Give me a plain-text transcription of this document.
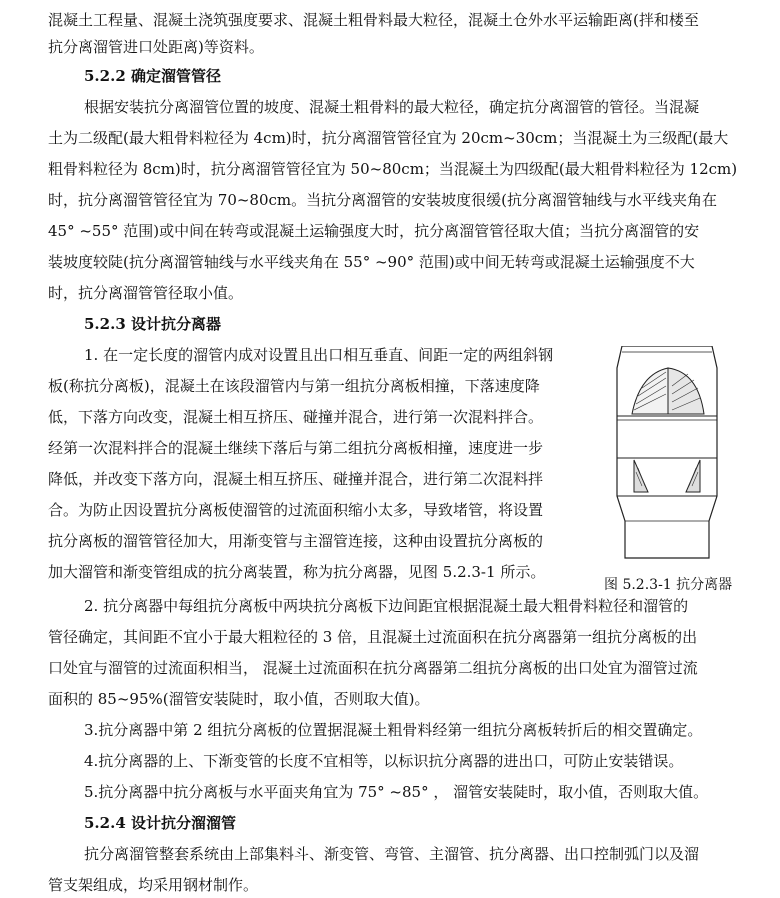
混凝土工程量、混凝土浇筑强度要求、混凝土粗骨料最大粒径，混凝土仓外水平运输距离(拌和楼至
抗分离溜管进口处距离)等资料。
5.2.2 确定溜管管径
根据安装抗分离溜管位置的坡度、混凝土粗骨料的最大粒径，确定抗分离溜管的管径。当混凝
土为二级配(最大粗骨料粒径为 4cm)时，抗分离溜管管径宜为 20cm~30cm；当混凝土为三级配(最大
粗骨料粒径为 8cm)时，抗分离溜管管径宜为 50~80cm；当混凝土为四级配(最大粗骨料粒径为 12cm)
时，抗分离溜管管径宜为 70~80cm。当抗分离溜管的安装坡度很缓(抗分离溜管轴线与水平线夹角在
45° ~55° 范围)或中间在转弯或混凝土运输强度大时，抗分离溜管管径取大值；当抗分离溜管的安
装坡度较陡(抗分离溜管轴线与水平线夹角在 55° ~90° 范围)或中间无转弯或混凝土运输强度不大
时，抗分离溜管管径取小值。
5.2.3 设计抗分离器
1. 在一定长度的溜管内成对设置且出口相互垂直、间距一定的两组斜钢
板(称抗分离板)，混凝土在该段溜管内与第一组抗分离板相撞，下落速度降
低，下落方向改变，混凝土相互挤压、碰撞并混合，进行第一次混料拌合。
经第一次混料拌合的混凝土继续下落后与第二组抗分离板相撞，速度进一步
降低，并改变下落方向，混凝土相互挤压、碰撞并混合，进行第二次混料拌
合。为防止因设置抗分离板使溜管的过流面积缩小太多，导致堵管，将设置
抗分离板的溜管管径加大，用渐变管与主溜管连接，这种由设置抗分离板的
加大溜管和渐变管组成的抗分离装置，称为抗分离器，见图 5.2.3-1 所示。
2. 抗分离器中每组抗分离板中两块抗分离板下边间距宜根据混凝土最大粗骨料粒径和溜管的
管径确定，其间距不宜小于最大粗粒径的 3 倍，且混凝土过流面积在抗分离器第一组抗分离板的出
口处宜与溜管的过流面积相当， 混凝土过流面积在抗分离器第二组抗分离板的出口处宜为溜管过流
面积的 85~95%(溜管安装陡时，取小值，否则取大值)。
3.抗分离器中第 2 组抗分离板的位置据混凝土粗骨料经第一组抗分离板转折后的相交置确定。
4.抗分离器的上、下渐变管的长度不宜相等，以标识抗分离器的进出口，可防止安装错误。
5.抗分离器中抗分离板与水平面夹角宜为 75° ~85° ， 溜管安装陡时，取小值，否则取大值。
5.2.4 设计抗分溜溜管
抗分离溜管整套系统由上部集料斗、渐变管、弯管、主溜管、抗分离器、出口控制弧门以及溜
管支架组成，均采用钢材制作。
图 5.2.3-1 抗分离器
